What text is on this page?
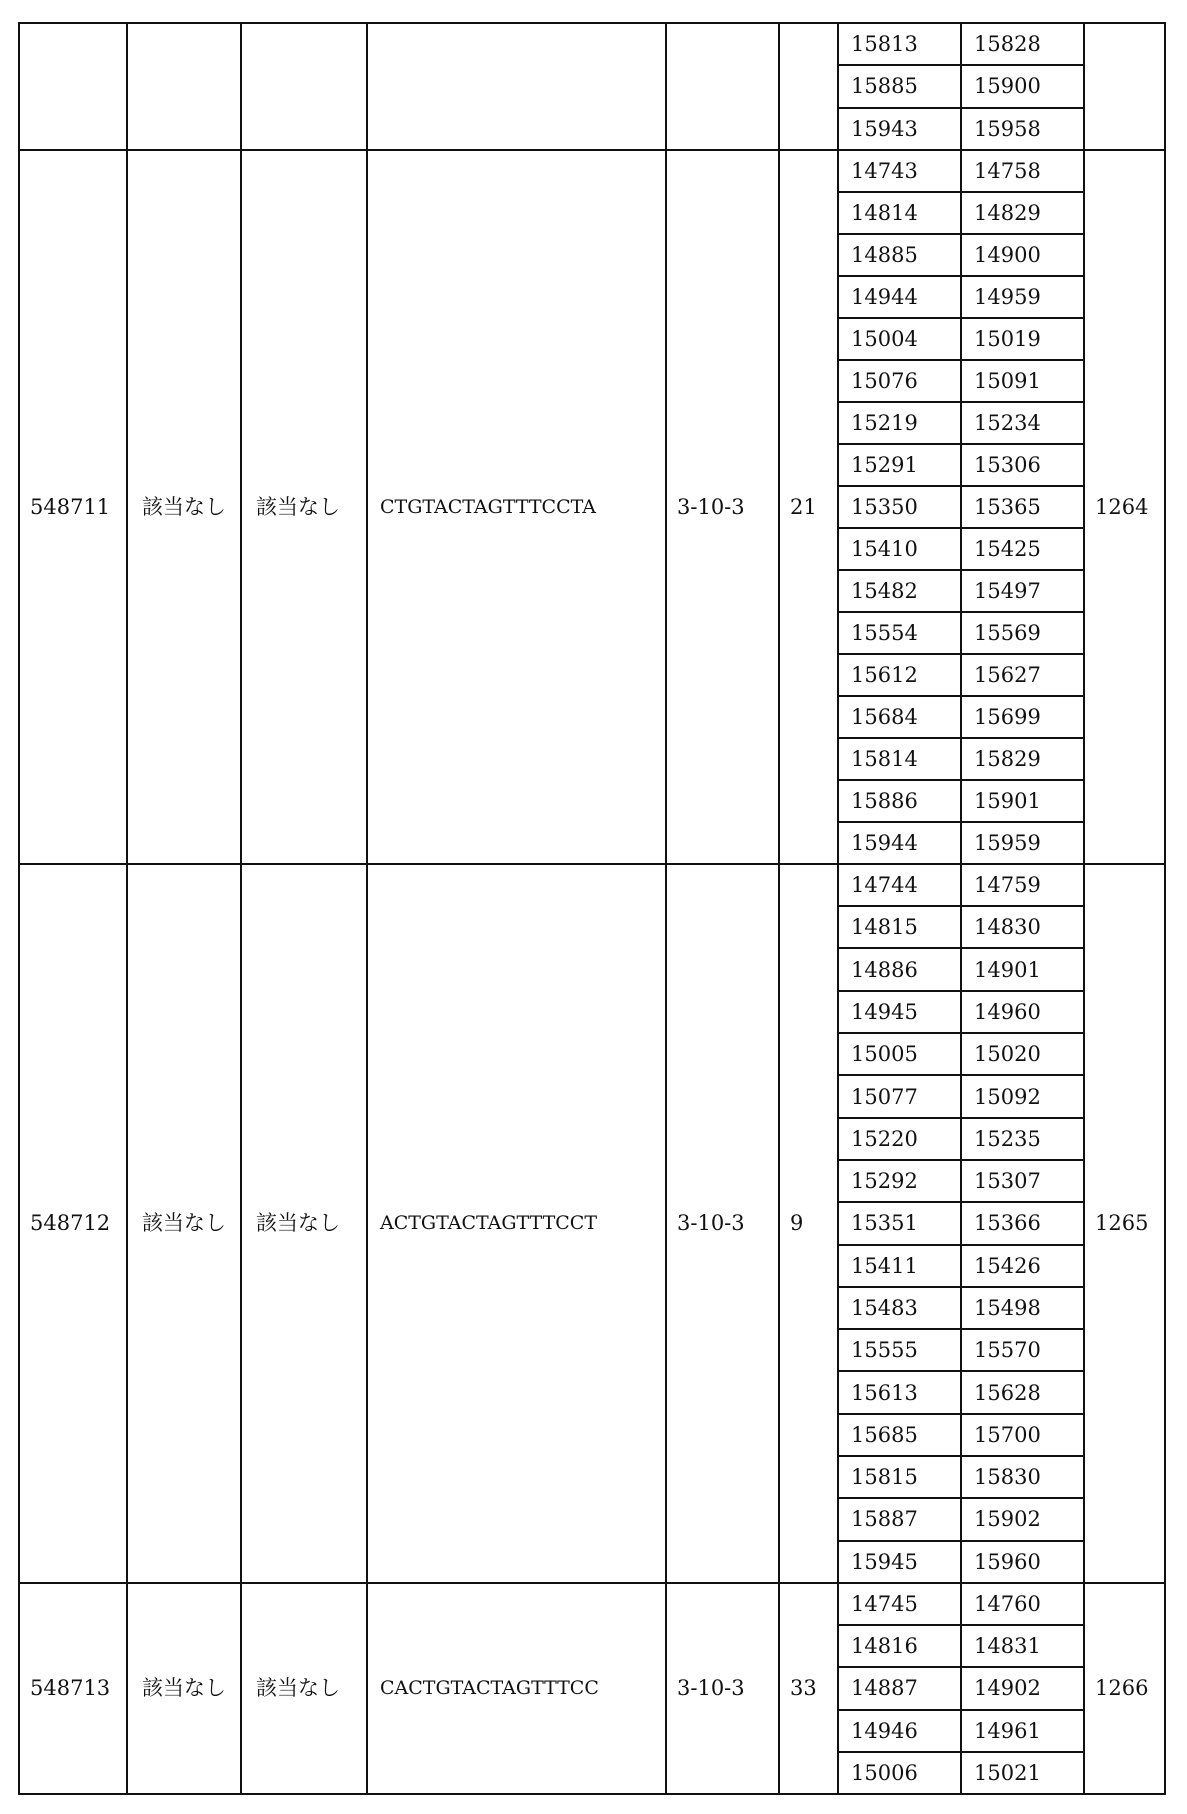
						15813	15828	
15885	15900
15943	15958
548711	該当なし	該当なし	CTGTACTAGTTTCCTA	3-10-3	21	14743	14758	1264
14814	14829
14885	14900
14944	14959
15004	15019
15076	15091
15219	15234
15291	15306
15350	15365
15410	15425
15482	15497
15554	15569
15612	15627
15684	15699
15814	15829
15886	15901
15944	15959
548712	該当なし	該当なし	ACTGTACTAGTTTCCT	3-10-3	9	14744	14759	1265
14815	14830
14886	14901
14945	14960
15005	15020
15077	15092
15220	15235
15292	15307
15351	15366
15411	15426
15483	15498
15555	15570
15613	15628
15685	15700
15815	15830
15887	15902
15945	15960
548713	該当なし	該当なし	CACTGTACTAGTTTCC	3-10-3	33	14745	14760	1266
14816	14831
14887	14902
14946	14961
15006	15021
